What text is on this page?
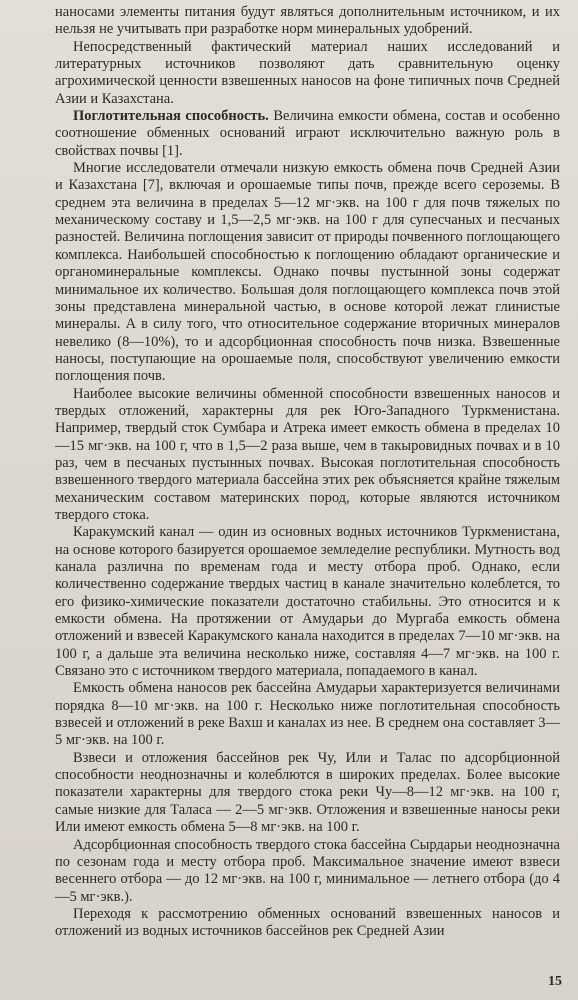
наносами элементы питания будут являться дополнительным источником, и их нельзя не учитывать при разработке норм минеральных удобрений.

Непосредственный фактический материал наших исследований и литературных источников позволяют дать сравнительную оценку агрохимической ценности взвешенных наносов на фоне типичных почв Средней Азии и Казахстана.

Поглотительная способность. Величина емкости обмена, состав и особенно соотношение обменных оснований играют исключительно важную роль в свойствах почвы [1].

Многие исследователи отмечали низкую емкость обмена почв Средней Азии и Казахстана [7], включая и орошаемые типы почв, прежде всего сероземы. В среднем эта величина в пределах 5—12 мг·экв. на 100 г для почв тяжелых по механическому составу и 1,5—2,5 мг·экв. на 100 г для супесчаных и песчаных разностей. Величина поглощения зависит от природы почвенного поглощающего комплекса. Наибольшей способностью к поглощению обладают органические и органоминеральные комплексы. Однако почвы пустынной зоны содержат минимальное их количество. Большая доля поглощающего комплекса почв этой зоны представлена минеральной частью, в основе которой лежат глинистые минералы. А в силу того, что относительное содержание вторичных минералов невелико (8—10%), то и адсорбционная способность почв низка. Взвешенные наносы, поступающие на орошаемые поля, способствуют увеличению емкости поглощения почв.

Наиболее высокие величины обменной способности взвешенных наносов и твердых отложений, характерны для рек Юго-Западного Туркменистана. Например, твердый сток Сумбара и Атрека имеет емкость обмена в пределах 10—15 мг·экв. на 100 г, что в 1,5—2 раза выше, чем в такыровидных почвах и в 10 раз, чем в песчаных пустынных почвах. Высокая поглотительная способность взвешенного твердого материала бассейна этих рек объясняется крайне тяжелым механическим составом материнских пород, которые являются источником твердого стока.

Каракумский канал — один из основных водных источников Туркменистана, на основе которого базируется орошаемое земледелие республики. Мутность вод канала различна по временам года и месту отбора проб. Однако, если количественно содержание твердых частиц в канале значительно колеблется, то его физико-химические показатели достаточно стабильны. Это относится и к емкости обмена. На протяжении от Амударьи до Мургаба емкость обмена отложений и взвесей Каракумского канала находится в пределах 7—10 мг·экв. на 100 г, а дальше эта величина несколько ниже, составляя 4—7 мг·экв. на 100 г. Связано это с источником твердого материала, попадаемого в канал.

Емкость обмена наносов рек бассейна Амударьи характеризуется величинами порядка 8—10 мг·экв. на 100 г. Несколько ниже поглотительная способность взвесей и отложений в реке Вахш и каналах из нее. В среднем она составляет 3—5 мг·экв. на 100 г.

Взвеси и отложения бассейнов рек Чу, Или и Талас по адсорбционной способности неоднозначны и колеблются в широких пределах. Более высокие показатели характерны для твердого стока реки Чу—8—12 мг·экв. на 100 г, самые низкие для Таласа — 2—5 мг·экв. Отложения и взвешенные наносы реки Или имеют емкость обмена 5—8 мг·экв. на 100 г.

Адсорбционная способность твердого стока бассейна Сырдарьи неоднозначна по сезонам года и месту отбора проб. Максимальное значение имеют взвеси весеннего отбора — до 12 мг·экв. на 100 г, минимальное — летнего отбора (до 4—5 мг·экв.).

Переходя к рассмотрению обменных оснований взвешенных наносов и отложений из водных источников бассейнов рек Средней Азии

15
